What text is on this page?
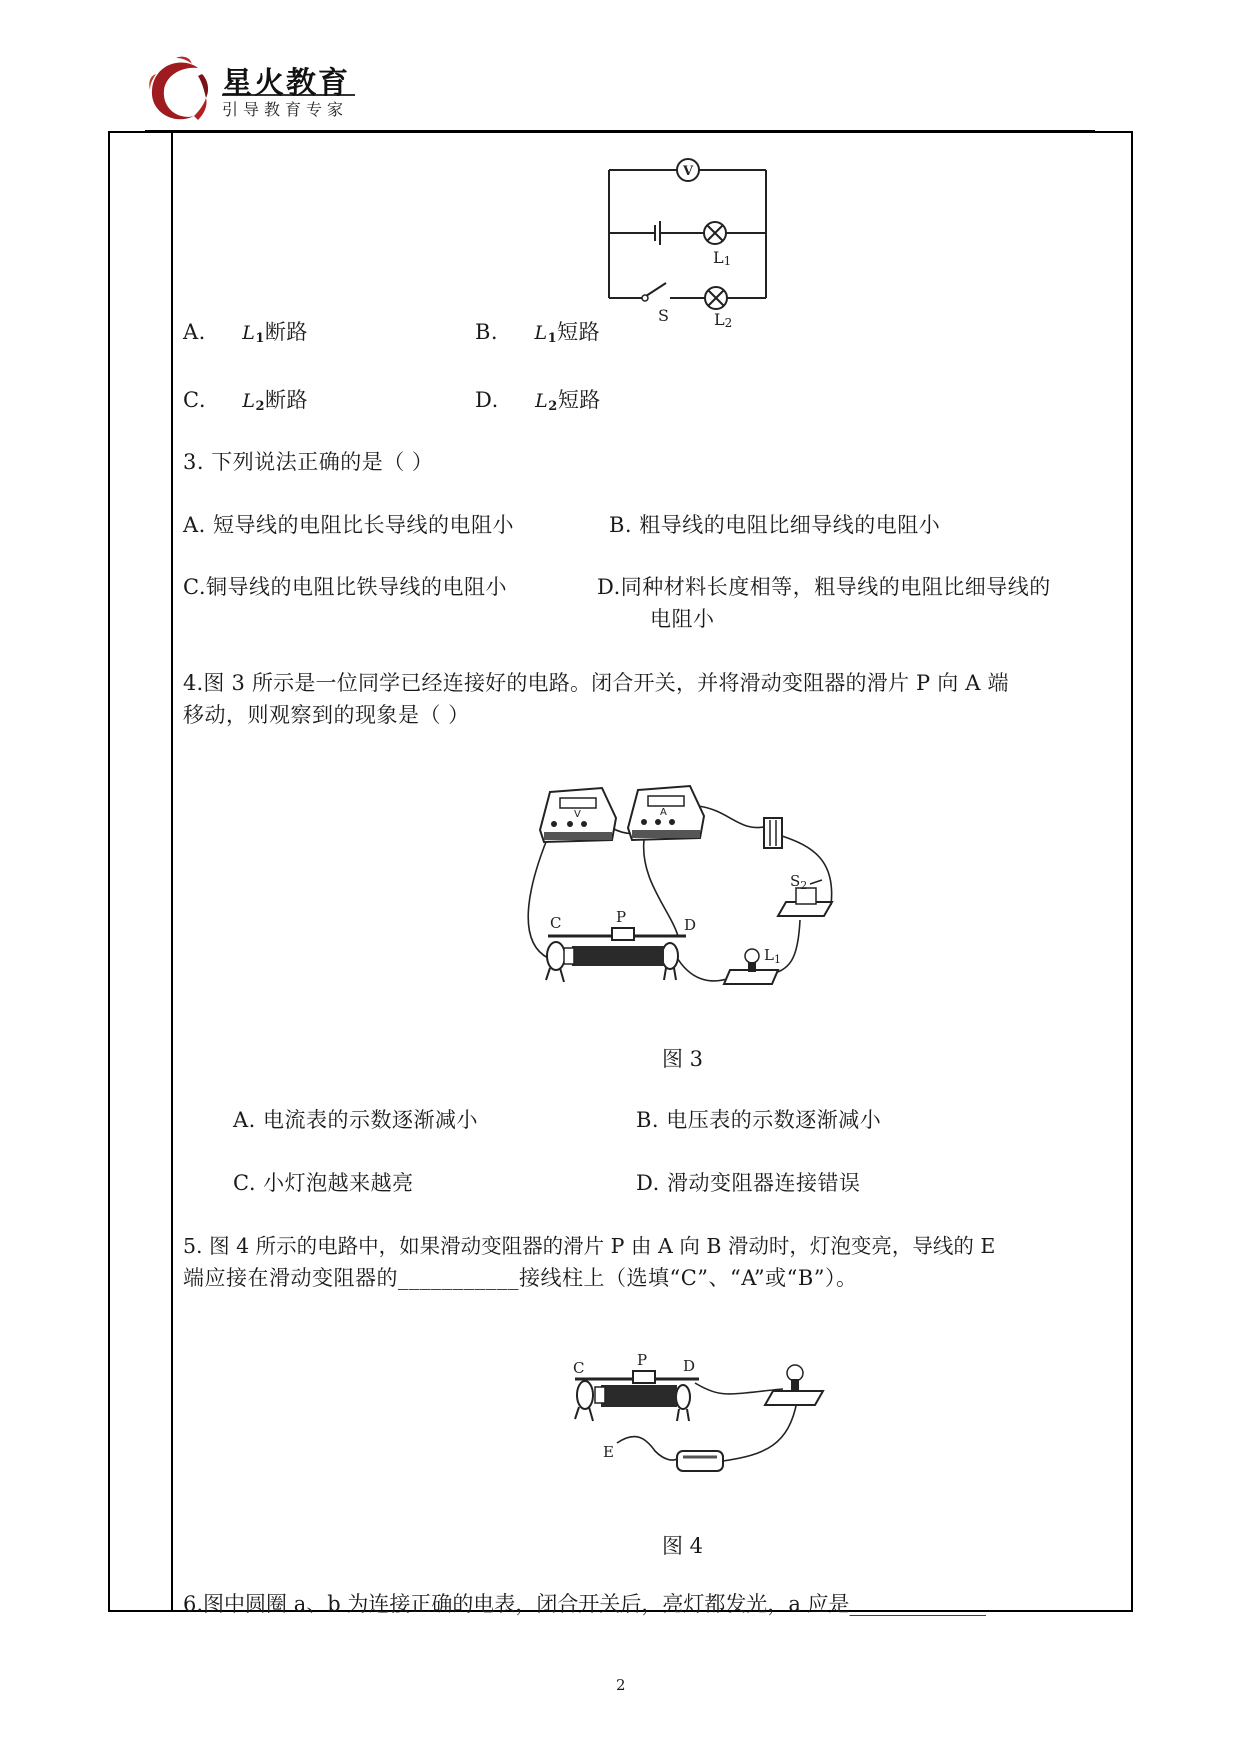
星火教育
引导教育专家
V
L1
S	L2
A. $L_1$断路	B. $L_1$短路
C. $L_2$断路	D. $L_2$短路
3. 下列说法正确的是（ ）
A. 短导线的电阻比长导线的电阻小	B. 粗导线的电阻比细导线的电阻小
C.铜导线的电阻比铁导线的电阻小	D.同种材料长度相等，粗导线的电阻比细导线的
电阻小
4.图 3 所示是一位同学已经连接好的电路。闭合开关，并将滑动变阻器的滑片 P 向 A 端
移动，则观察到的现象是（ ）
V	A
$S_2$
$L_1$
C	P	D
图 3
A. 电流表的示数逐渐减小	B. 电压表的示数逐渐减小
C. 小灯泡越来越亮	D. 滑动变阻器连接错误
5. 图 4 所示的电路中，如果滑动变阻器的滑片 P 由 A 向 B 滑动时，灯泡变亮，导线的 E
端应接在滑动变阻器的___________接线柱上（选填“C”、“A”或“B”）。
C	P D
E
图 4
6.图中圆圈 a、b 为连接正确的电表，闭合开关后，亮灯都发光，a 应是_____________
2
